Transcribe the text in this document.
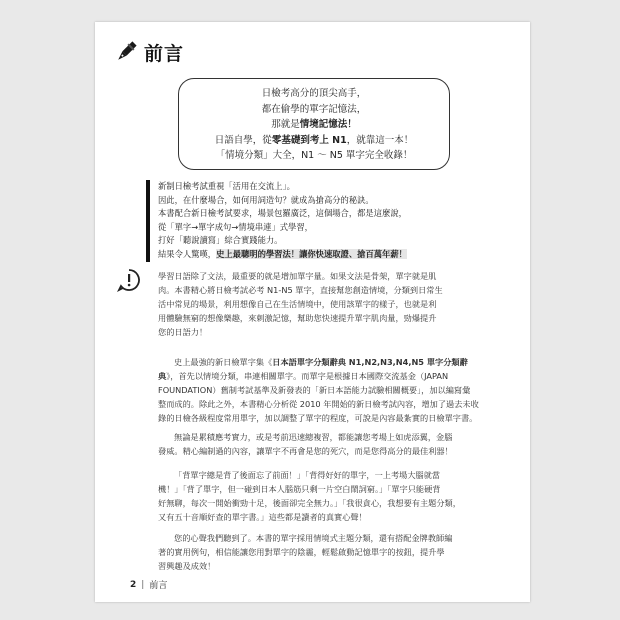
前言
日檢考高分的頂尖高手，
都在偷學的單字記憶法，
那就是情境記憶法！
日語自學，從零基礎到考上 N1，就靠這一本！
「情境分類」大全，N1 ～ N5 單字完全收錄！
新制日檢考試重視「活用在交流上」。
因此，在什麼場合，如何用詞造句？就成為搶高分的秘訣。
本書配合新日檢考試要求，場景包羅廣泛，這個場合，都是這麼說，
從「單字→單字成句→情境串連」式學習，
打好「聽說讀寫」綜合實踐能力。
結果令人驚嘆，史上最聰明的學習法！讓你快速取證、搶百萬年薪！
學習日語除了文法，最重要的就是增加單字量。如果文法是骨架，單字就是肌
肉。本書精心將日檢考試必考 N1-N5 單字，直接幫您創造情境，分類到日常生
活中常見的場景，利用想像自己在生活情境中，使用該單字的樣子，也就是利
用體驗無窮的想像樂趣，來刺激記憶，幫助您快速提升單字肌肉量，勁爆提升
您的日語力！
史上最強的新日檢單字集《日本語單字分類辭典 N1,N2,N3,N4,N5 單字分類辭
典》，首先以情境分類，串連相關單字。而單字是根據日本國際交流基金（JAPAN
FOUNDATION）舊制考試基準及新發表的「新日本語能力試驗相關概要」，加以編寫彙
整而成的。除此之外，本書精心分析從 2010 年開始的新日檢考試內容，增加了過去未收
錄的日檢各級程度常用單字，加以調整了單字的程度，可說是內容最紮實的日檢單字書。
無論是累積應考實力，或是考前迅速總複習，都能讓您考場上如虎添翼，金腦
發威。精心編制過的內容，讓單字不再會是您的死穴，而是您得高分的最佳利器！
「背單字總是背了後面忘了前面！」「背得好好的單字，一上考場大腦就當
機！」「背了單字，但一碰到日本人腦筋只剩一片空白鬧詞窮。」「單字只能硬背
好無聊，每次一開始衝勁十足，後面卻完全無力。」「我很貪心，我想要有主題分類，
又有五十音順好查的單字書。」這些都是讀者的真實心聲！
您的心聲我們聽到了。本書的單字採用情境式主題分類，還有搭配金牌教師編
著的實用例句，相信能讓您用對單字的陰霾，輕鬆啟動記憶單字的按鈕，提升學
習興趣及成效！
2 | 前言
